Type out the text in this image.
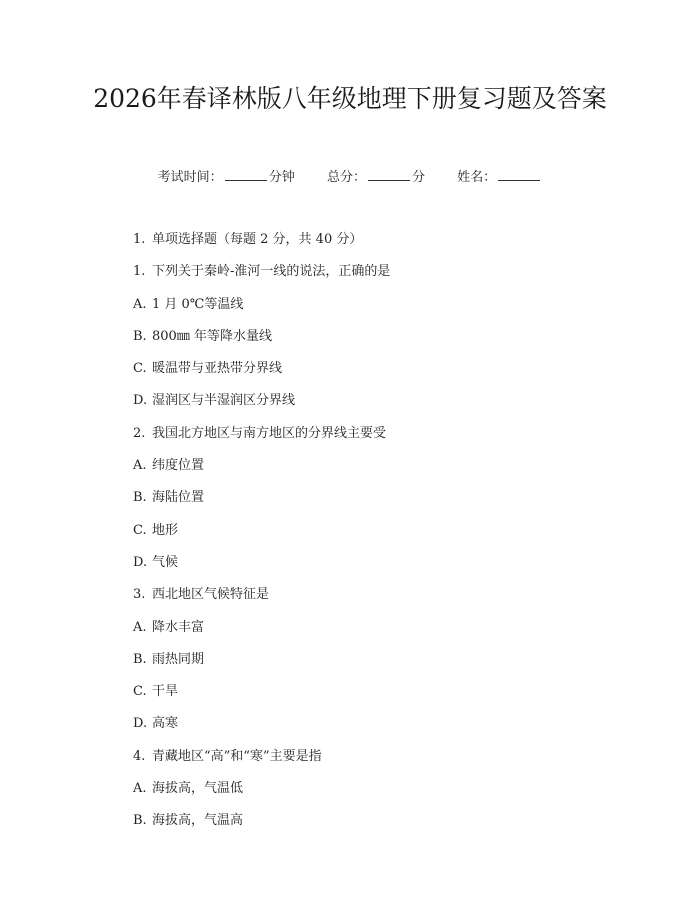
2026年春译林版八年级地理下册复习题及答案
考试时间：	分钟 总分：	分 姓名：
1. 单项选择题（每题 2 分，共 40 分）
1. 下列关于秦岭-淮河一线的说法，正确的是
A. 1 月 0℃等温线
B. 800㎜ 年等降水量线
C. 暖温带与亚热带分界线
D. 湿润区与半湿润区分界线
2. 我国北方地区与南方地区的分界线主要受
A. 纬度位置
B. 海陆位置
C. 地形
D. 气候
3. 西北地区气候特征是
A. 降水丰富
B. 雨热同期
C. 干旱
D. 高寒
4. 青藏地区“高”和“寒”主要是指
A. 海拔高，气温低
B. 海拔高，气温高
